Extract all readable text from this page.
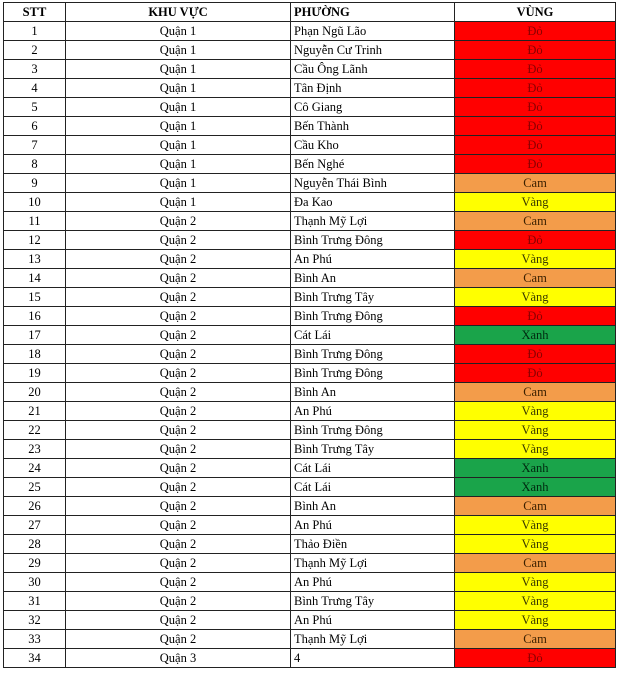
STT	KHU VỰC	PHƯỜNG	VÙNG
1	Quận 1	Phạn Ngũ Lão	Đỏ
2	Quận 1	Nguyễn Cư Trinh	Đỏ
3	Quận 1	Cầu Ông Lãnh	Đỏ
4	Quận 1	Tân Định	Đỏ
5	Quận 1	Cô Giang	Đỏ
6	Quận 1	Bến Thành	Đỏ
7	Quận 1	Cầu Kho	Đỏ
8	Quận 1	Bến Nghé	Đỏ
9	Quận 1	Nguyễn Thái Bình	Cam
10	Quận 1	Đa Kao	Vàng
11	Quận 2	Thạnh Mỹ Lợi	Cam
12	Quận 2	Bình Trưng Đông	Đỏ
13	Quận 2	An Phú	Vàng
14	Quận 2	Bình An	Cam
15	Quận 2	Bình Trưng Tây	Vàng
16	Quận 2	Bình Trưng Đông	Đỏ
17	Quận 2	Cát Lái	Xanh
18	Quận 2	Bình Trưng Đông	Đỏ
19	Quận 2	Bình Trưng Đông	Đỏ
20	Quận 2	Bình An	Cam
21	Quận 2	An Phú	Vàng
22	Quận 2	Bình Trưng Đông	Vàng
23	Quận 2	Bình Trưng Tây	Vàng
24	Quận 2	Cát Lái	Xanh
25	Quận 2	Cát Lái	Xanh
26	Quận 2	Bình An	Cam
27	Quận 2	An Phú	Vàng
28	Quận 2	Thảo Điền	Vàng
29	Quận 2	Thạnh Mỹ Lợi	Cam
30	Quận 2	An Phú	Vàng
31	Quận 2	Bình Trưng Tây	Vàng
32	Quận 2	An Phú	Vàng
33	Quận 2	Thạnh Mỹ Lợi	Cam
34	Quận 3	4	Đỏ
